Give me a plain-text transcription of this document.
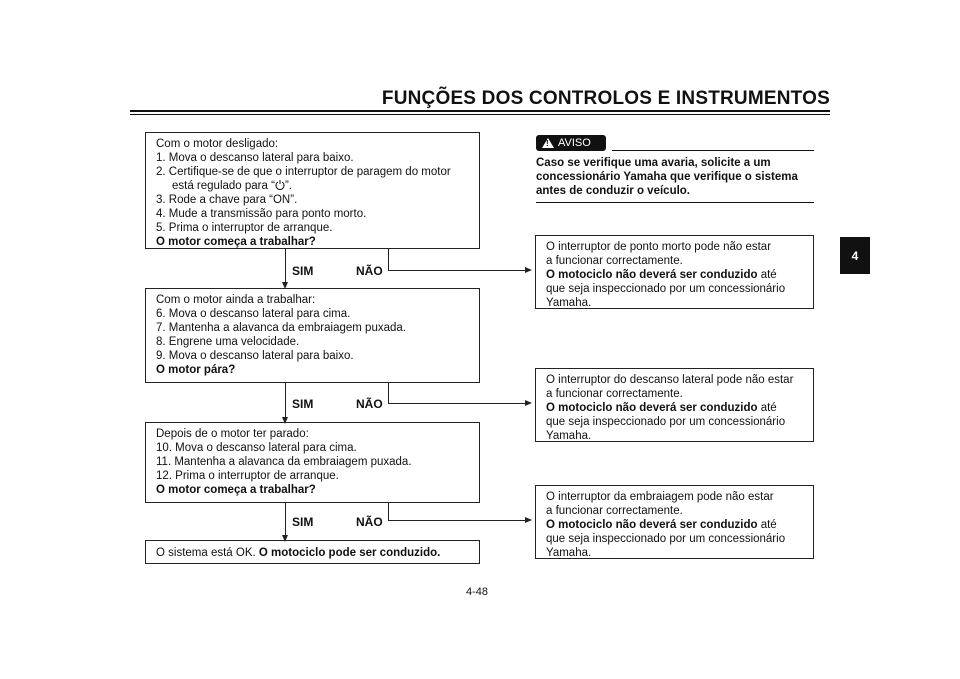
FUNÇÕES DOS CONTROLOS E INSTRUMENTOS
4
Com o motor desligado:
1. Mova o descanso lateral para baixo.
2. Certifique-se de que o interruptor de paragem do motor
está regulado para “ ”.
3. Rode a chave para “ON”.
4. Mude a transmissão para ponto morto.
5. Prima o interruptor de arranque.
O motor começa a trabalhar?
SIM	NÃO
Com o motor ainda a trabalhar:
6. Mova o descanso lateral para cima.
7. Mantenha a alavanca da embraiagem puxada.
8. Engrene uma velocidade.
9. Mova o descanso lateral para baixo.
O motor pára?
SIM	NÃO
Depois de o motor ter parado:
10. Mova o descanso lateral para cima.
11. Mantenha a alavanca da embraiagem puxada.
12. Prima o interruptor de arranque.
O motor começa a trabalhar?
SIM	NÃO
O sistema está OK. O motociclo pode ser conduzido.
! AVISO
Caso se verifique uma avaria, solicite a um concessionário Yamaha que verifique o sistema antes de conduzir o veículo.
O interruptor de ponto morto pode não estar
a funcionar correctamente.
O motociclo não deverá ser conduzido até
que seja inspeccionado por um concessionário
Yamaha.
O interruptor do descanso lateral pode não estar
a funcionar correctamente.
O motociclo não deverá ser conduzido até
que seja inspeccionado por um concessionário
Yamaha.
O interruptor da embraiagem pode não estar
a funcionar correctamente.
O motociclo não deverá ser conduzido até
que seja inspeccionado por um concessionário
Yamaha.
4-48
